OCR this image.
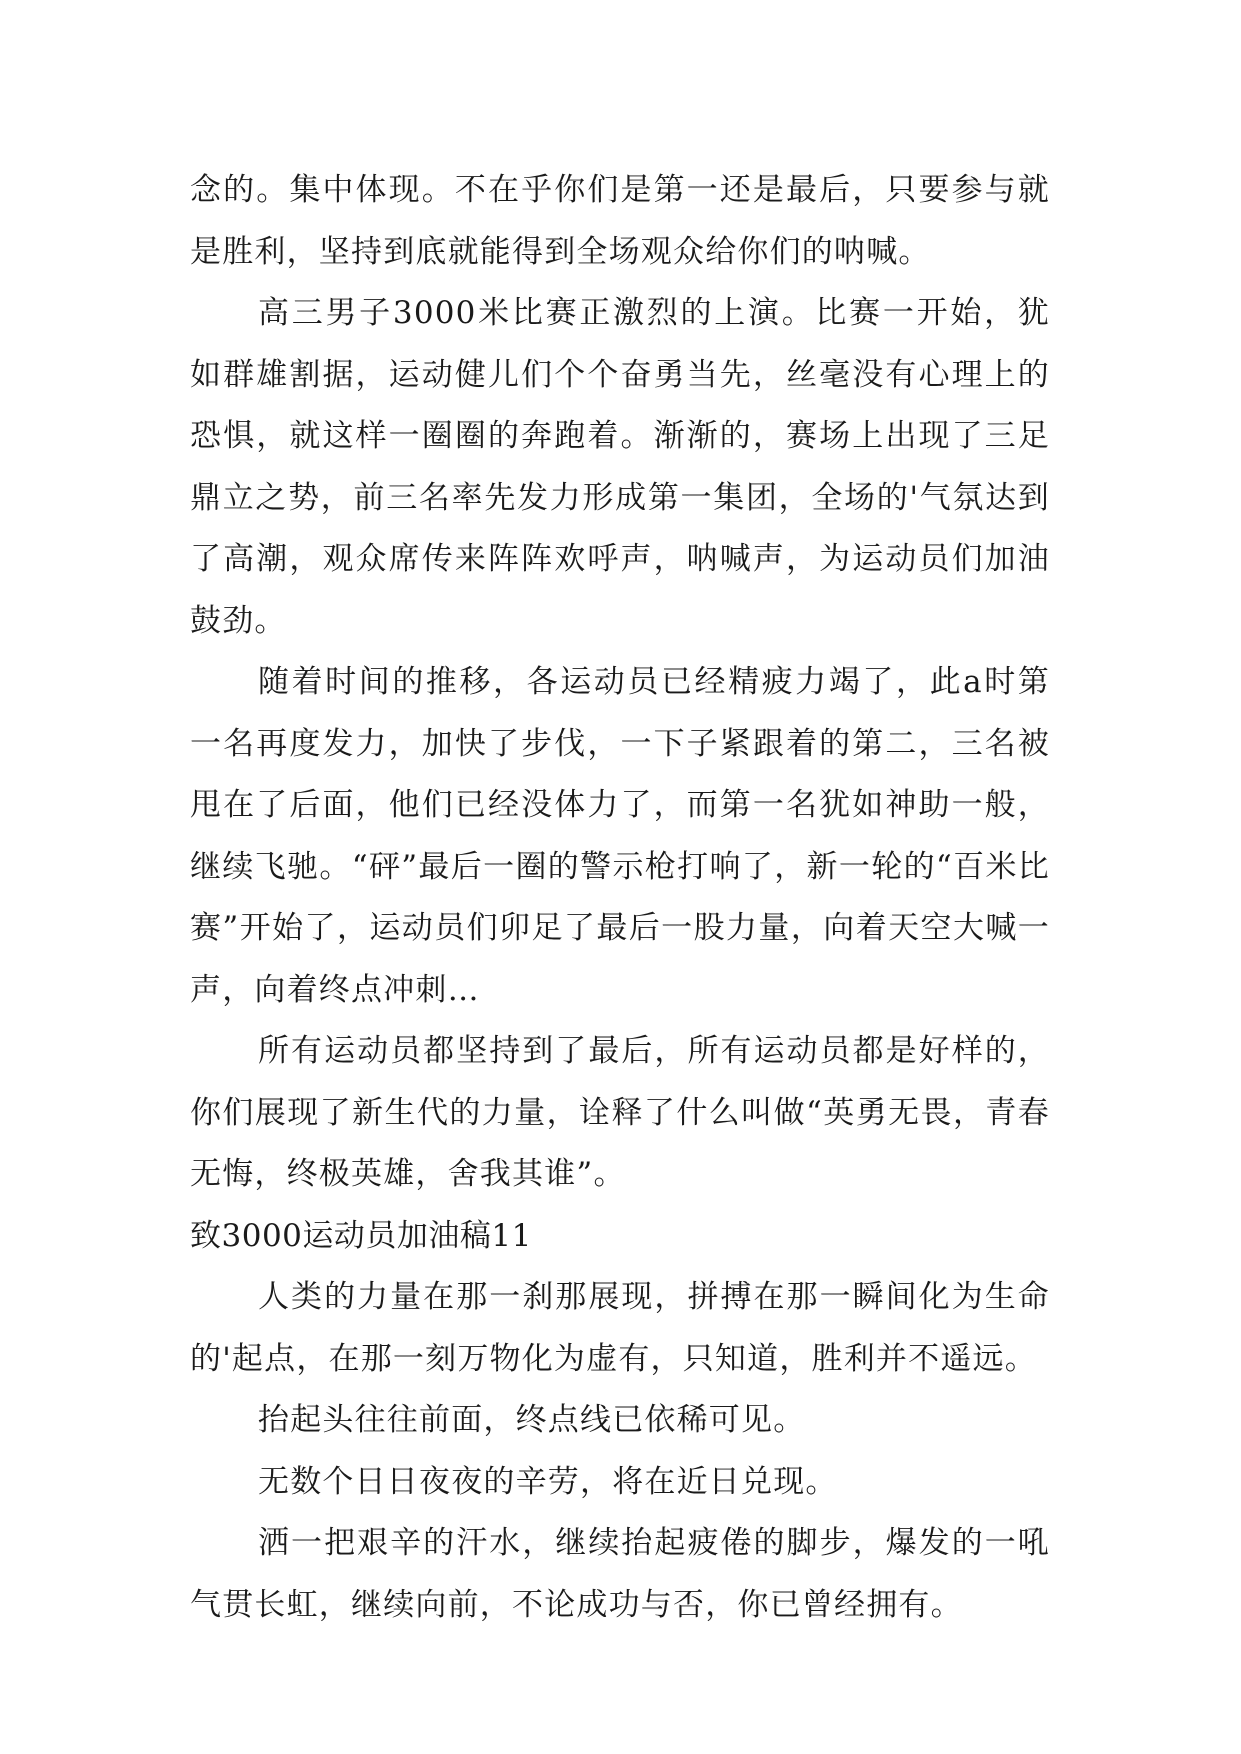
念的。集中体现。不在乎你们是第一还是最后，只要参与就是胜利，坚持到底就能得到全场观众给你们的呐喊。

高三男子3000米比赛正激烈的上演。比赛一开始，犹如群雄割据，运动健儿们个个奋勇当先，丝毫没有心理上的恐惧，就这样一圈圈的奔跑着。渐渐的，赛场上出现了三足鼎立之势，前三名率先发力形成第一集团，全场的'气氛达到了高潮，观众席传来阵阵欢呼声，呐喊声，为运动员们加油鼓劲。

随着时间的推移，各运动员已经精疲力竭了，此a时第一名再度发力，加快了步伐，一下子紧跟着的第二，三名被甩在了后面，他们已经没体力了，而第一名犹如神助一般，继续飞驰。“砰”最后一圈的警示枪打响了，新一轮的“百米比赛”开始了，运动员们卯足了最后一股力量，向着天空大喊一声，向着终点冲刺…

所有运动员都坚持到了最后，所有运动员都是好样的，你们展现了新生代的力量，诠释了什么叫做“英勇无畏，青春无悔，终极英雄，舍我其谁”。

致3000运动员加油稿11

人类的力量在那一刹那展现，拼搏在那一瞬间化为生命的'起点，在那一刻万物化为虚有，只知道，胜利并不遥远。

抬起头往往前面，终点线已依稀可见。

无数个日日夜夜的辛劳，将在近日兑现。

洒一把艰辛的汗水，继续抬起疲倦的脚步，爆发的一吼气贯长虹，继续向前，不论成功与否，你已曾经拥有。
